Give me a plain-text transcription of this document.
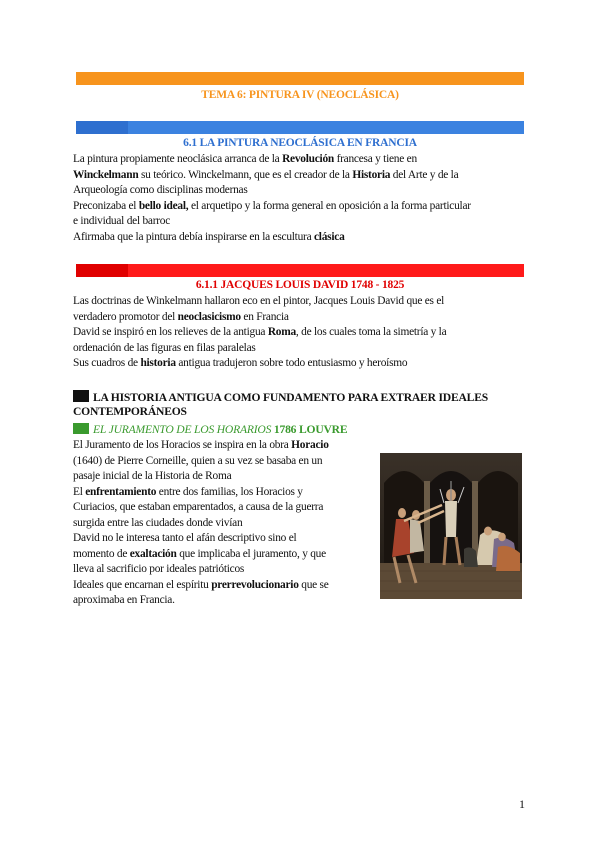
TEMA 6: PINTURA IV (NEOCLÁSICA)
6.1 LA PINTURA NEOCLÁSICA EN FRANCIA

La pintura propiamente neoclásica arranca de la Revolución francesa y tiene en

Winckelmann su teórico. Winckelmann, que es el creador de la Historia del Arte y de la

Arqueología como disciplinas modernas

Preconizaba el bello ideal, el arquetipo y la forma general en oposición a la forma particular

e individual del barroc

Afirmaba que la pintura debía inspirarse en la escultura clásica

6.1.1 JACQUES LOUIS DAVID 1748 - 1825

Las doctrinas de Winkelmann hallaron eco en el pintor, Jacques Louis David que es el

verdadero promotor del neoclasicismo en Francia

David se inspiró en los relieves de la antigua Roma, de los cuales toma la simetría y la

ordenación de las figuras en filas paralelas

Sus cuadros de historia antigua tradujeron sobre todo entusiasmo y heroísmo

LA HISTORIA ANTIGUA COMO FUNDAMENTO PARA EXTRAER IDEALES CONTEMPORÁNEOS
EL JURAMENTO DE LOS HORARIOS 1786 LOUVRE

El Juramento de los Horacios se inspira en la obra Horacio

(1640) de Pierre Corneille, quien a su vez se basaba en un

pasaje inicial de la Historia de Roma

El enfrentamiento entre dos familias, los Horacios y

Curiacios, que estaban emparentados, a causa de la guerra

surgida entre las ciudades donde vivían

David no le interesa tanto el afán descriptivo sino el

momento de exaltación que implicaba el juramento, y que

lleva al sacrificio por ideales patrióticos

Ideales que encarnan el espíritu prerrevolucionario que se

aproximaba en Francia.

1
